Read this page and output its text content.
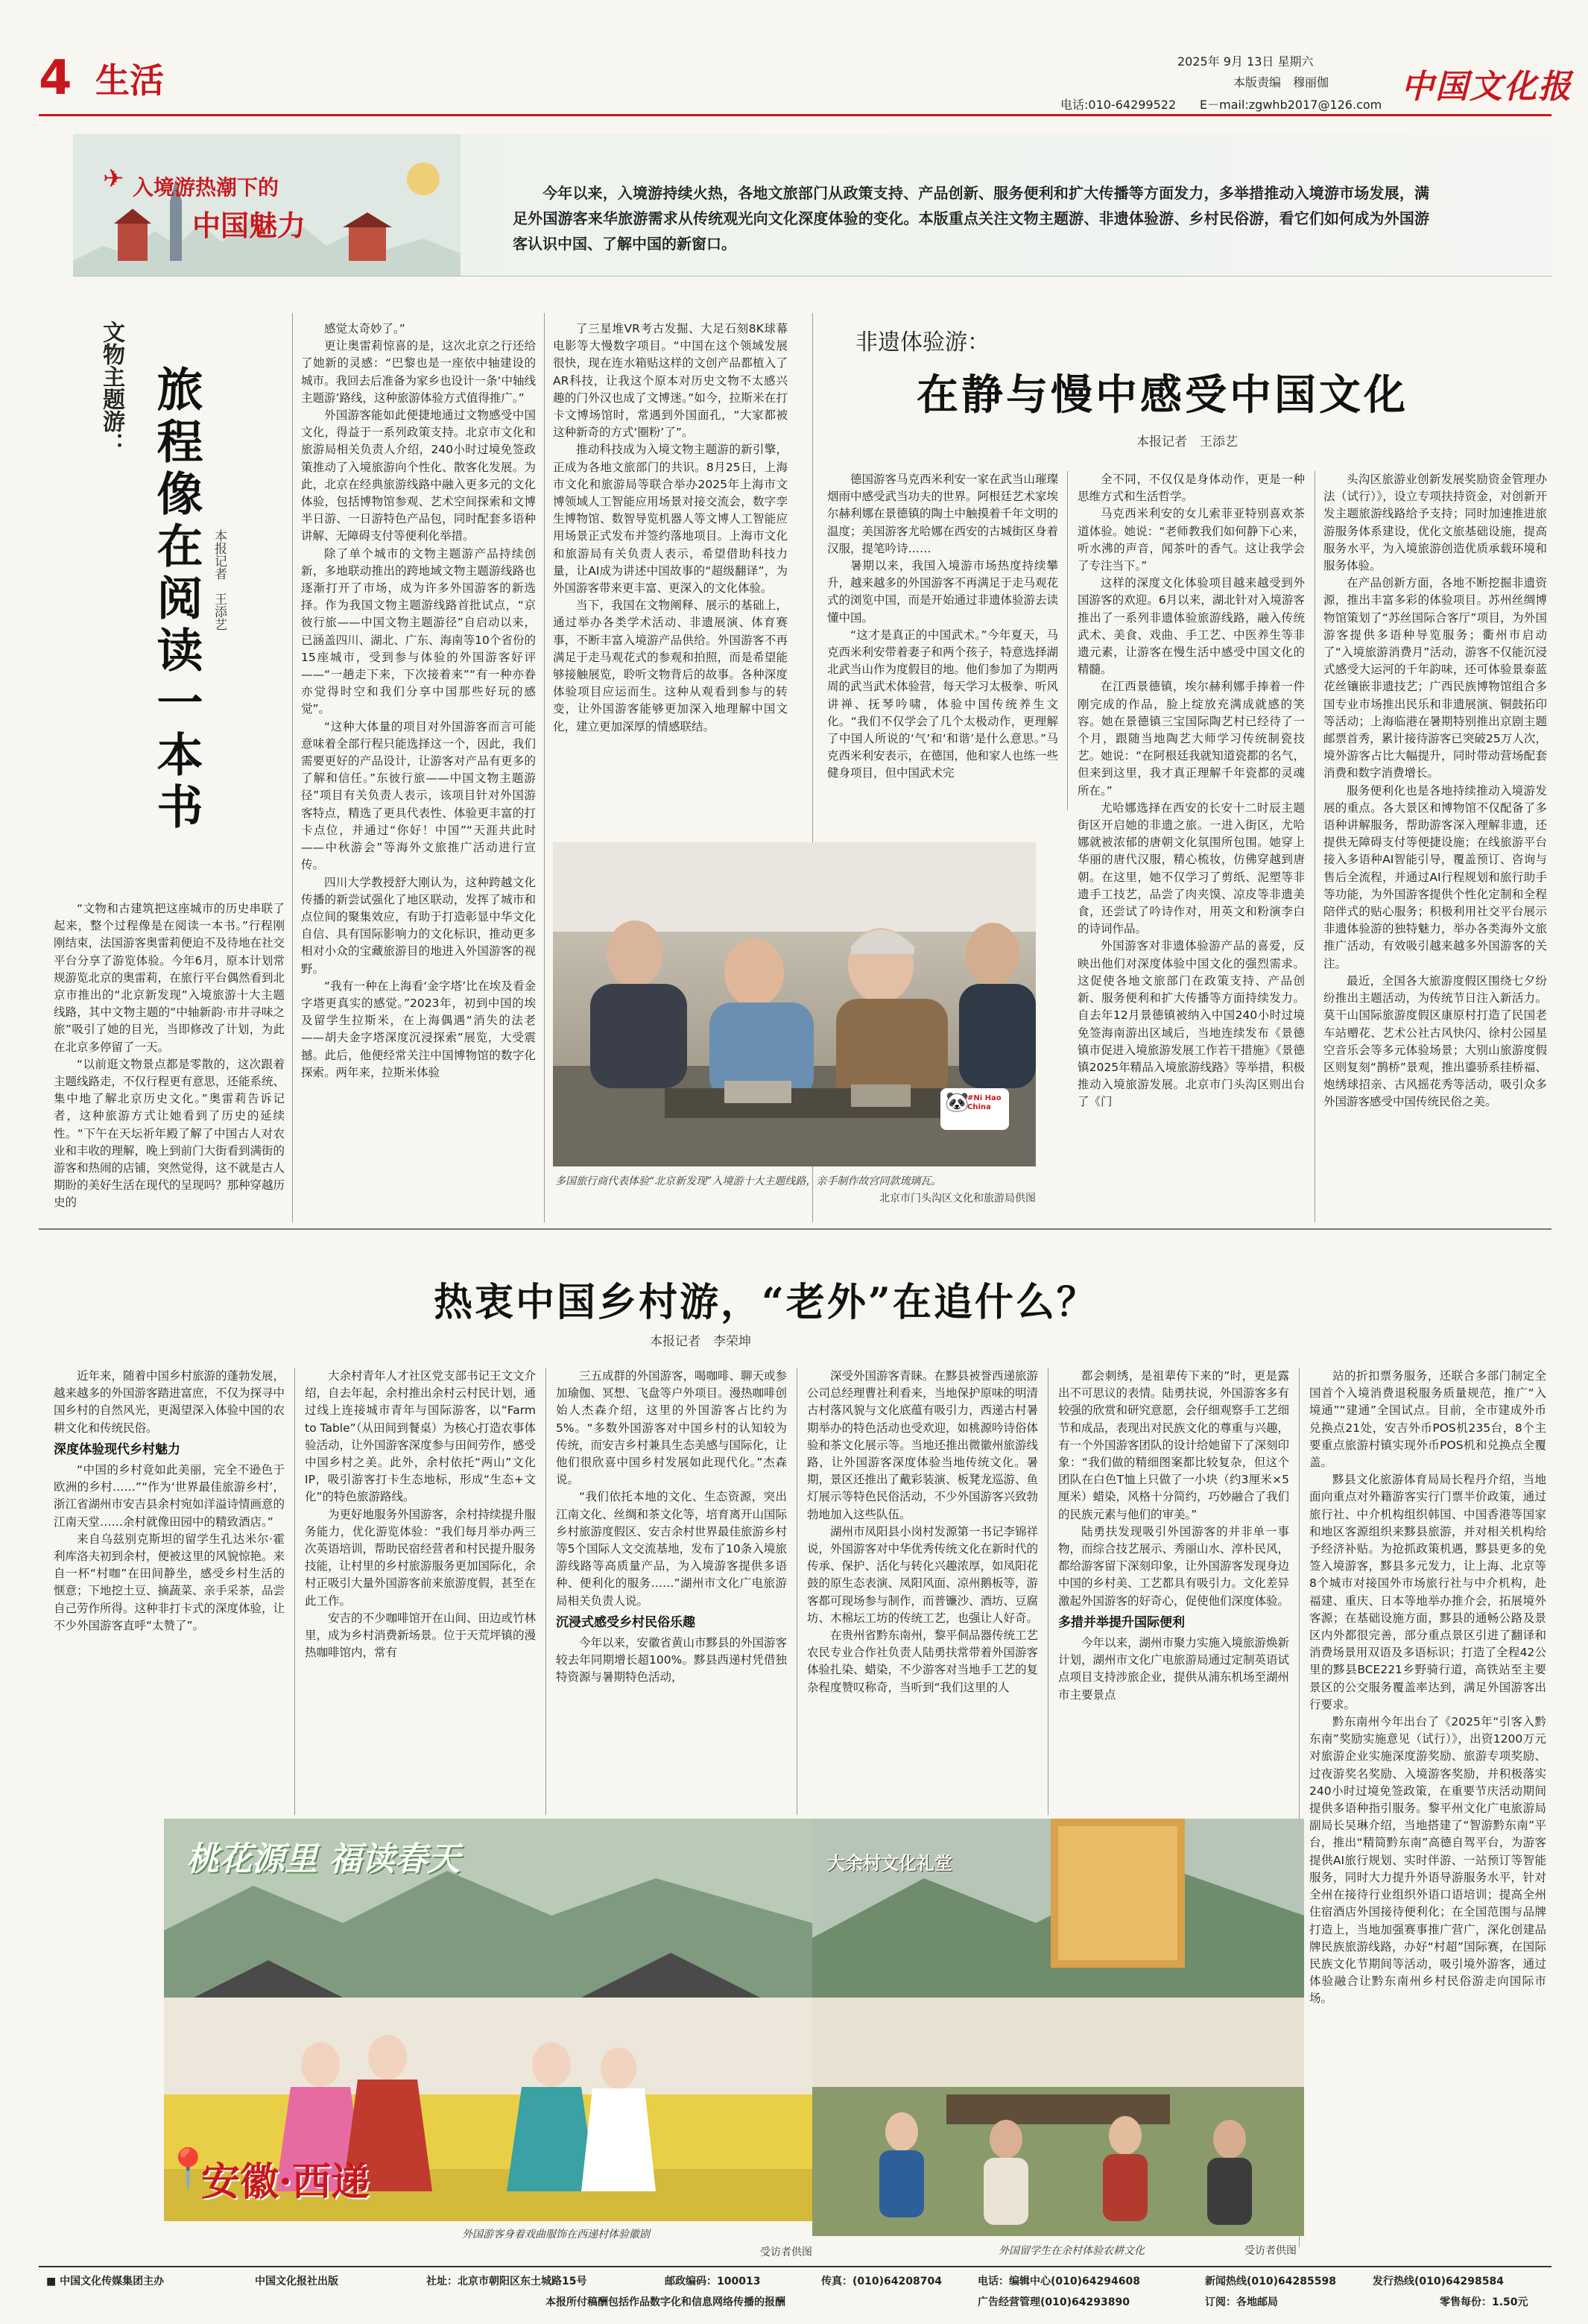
4 生活	2025年 9月 13日 星期六
本版责编　穆丽伽
电话:010-64299522 E－mail:zgwhb2017@126.com 中国文化报
✈ 入境游热潮下的
中国魅力
今年以来，入境游持续火热，各地文旅部门从政策支持、产品创新、服务便利和扩大传播等方面发力，多举措推动入境游市场发展，满足外国游客来华旅游需求从传统观光向文化深度体验的变化。本版重点关注文物主题游、非遗体验游、乡村民俗游，看它们如何成为外国游客认识中国、了解中国的新窗口。
文物主题游： 旅程像在阅读一本书 本报记者　王添艺

“文物和古建筑把这座城市的历史串联了起来，整个过程像是在阅读一本书。”行程刚刚结束，法国游客奥雷莉便迫不及待地在社交平台分享了游览体验。今年6月，原本计划常规游览北京的奥雷莉，在旅行平台偶然看到北京市推出的“北京新发现”入境旅游十大主题线路，其中文物主题的“中轴新韵·市井寻味之旅”吸引了她的目光，当即修改了计划，为此在北京多停留了一天。

“以前逛文物景点都是零散的，这次跟着主题线路走，不仅行程更有意思，还能系统、集中地了解北京历史文化。”奥雷莉告诉记者，这种旅游方式让她看到了历史的延续性。“下午在天坛祈年殿了解了中国古人对农业和丰收的理解，晚上到前门大街看到满街的游客和热闹的店铺，突然觉得，这不就是古人期盼的美好生活在现代的呈现吗？那种穿越历史的

感觉太奇妙了。”

更让奥雷莉惊喜的是，这次北京之行还给了她新的灵感：“巴黎也是一座依中轴建设的城市。我回去后准备为家乡也设计一条‘中轴线主题游’路线，这种旅游体验方式值得推广。”

外国游客能如此便捷地通过文物感受中国文化，得益于一系列政策支持。北京市文化和旅游局相关负责人介绍，240小时过境免签政策推动了入境旅游向个性化、散客化发展。为此，北京在经典旅游线路中融入更多元的文化体验，包括博物馆参观、艺术空间探索和文博半日游、一日游特色产品包，同时配套多语种讲解、无障碍支付等便利化举措。

除了单个城市的文物主题游产品持续创新，多地联动推出的跨地域文物主题游线路也逐渐打开了市场，成为许多外国游客的新选择。作为我国文物主题游线路首批试点，“京彼行旅——中国文物主题游径”自启动以来，已涵盖四川、湖北、广东、海南等10个省份的15座城市，受到参与体验的外国游客好评——“一趟走下来，下次接着来”“有一种亦眷亦觉得时空和我们分享中国那些好玩的感觉”。

“这种大体量的项目对外国游客而言可能意味着全部行程只能选择这一个，因此，我们需要更好的产品设计，让游客对产品有更多的了解和信任。”东彼行旅——中国文物主题游径”项目有关负责人表示，该项目针对外国游客特点，精选了更具代表性、体验更丰富的打卡点位，并通过“你好！中国”“天涯共此时——中秋游会”等海外文旅推广活动进行宣传。

四川大学教授舒大刚认为，这种跨越文化传播的新尝试强化了地区联动，发挥了城市和点位间的聚集效应，有助于打造彰显中华文化自信、具有国际影响力的文化标识，推动更多相对小众的宝藏旅游目的地进入外国游客的视野。

“我有一种在上海看‘金字塔’比在埃及看金字塔更真实的感觉。”2023年，初到中国的埃及留学生拉斯米，在上海偶遇“消失的法老——胡夫金字塔深度沉浸探索”展览，大受震撼。此后，他便经常关注中国博物馆的数字化探索。两年来，拉斯米体验

了三星堆VR考古发掘、大足石刻8K球幕电影等大慢数字项目。“中国在这个领域发展很快，现在连水箱贴这样的文创产品都植入了AR科技，让我这个原本对历史文物不太感兴趣的门外汉也成了文博迷。”如今，拉斯米在打卡文博场馆时，常遇到外国面孔，“大家都被这种新奇的方式‘圈粉’了”。

推动科技成为入境文物主题游的新引擎，正成为各地文旅部门的共识。8月25日，上海市文化和旅游局等联合举办2025年上海市文博领域人工智能应用场景对接交流会，数字孪生博物馆、数智导览机器人等文博人工智能应用场景正式发布并签约落地项目。上海市文化和旅游局有关负责人表示，希望借助科技力量，让AI成为讲述中国故事的“超级翻译”，为外国游客带来更丰富、更深入的文化体验。

当下，我国在文物阐释、展示的基础上，通过举办各类学术活动、非遗展演、体育赛事，不断丰富入境游产品供给。外国游客不再满足于走马观花式的参观和拍照，而是希望能够接触展览，聆听文物背后的故事。各种深度体验项目应运而生。这种从观看到参与的转变，让外国游客能够更加深入地理解中国文化，建立更加深厚的情感联结。

非遗体验游：
在静与慢中感受中国文化
本报记者　王添艺

德国游客马克西米利安一家在武当山璀璨烟雨中感受武当功夫的世界。阿根廷艺术家埃尔赫利娜在景德镇的陶土中触摸着千年文明的温度；美国游客尤哈娜在西安的古城街区身着汉服，提笔吟诗……

暑期以来，我国入境游市场热度持续攀升，越来越多的外国游客不再满足于走马观花式的浏览中国，而是开始通过非遗体验游去读懂中国。

“这才是真正的中国武术。”今年夏天，马克西米利安带着妻子和两个孩子，特意选择湖北武当山作为度假目的地。他们参加了为期两周的武当武术体验营，每天学习太极拳、听风讲禅、抚琴吟啸，体验中国传统养生文化。“我们不仅学会了几个太极动作，更理解了中国人所说的‘气’和‘和谐’是什么意思。”马克西米利安表示，在德国，他和家人也练一些健身项目，但中国武术完

全不同，不仅仅是身体动作，更是一种思维方式和生活哲学。

马克西米利安的女儿索菲亚特别喜欢茶道体验。她说：“老师教我们如何静下心来，听水沸的声音，闻茶叶的香气。这让我学会了专注当下。”

这样的深度文化体验项目越来越受到外国游客的欢迎。6月以来，湖北针对入境游客推出了一系列非遗体验旅游线路，融入传统武术、美食、戏曲、手工艺、中医养生等非遗元素，让游客在慢生活中感受中国文化的精髓。

在江西景德镇，埃尔赫利娜手捧着一件刚完成的作品，脸上绽放充满成就感的笑容。她在景德镇三宝国际陶艺村已经待了一个月，跟随当地陶艺大师学习传统制瓷技艺。她说：“在阿根廷我就知道瓷都的名气，但来到这里，我才真正理解千年瓷都的灵魂所在。”

尤哈娜选择在西安的长安十二时辰主题街区开启她的非遗之旅。一进入街区，尤哈娜就被浓郁的唐朝文化氛围所包围。她穿上华丽的唐代汉服，精心梳妆，仿佛穿越到唐朝。在这里，她不仅学习了剪纸、泥塑等非遗手工技艺，品尝了肉夹馍、凉皮等非遗美食，还尝试了吟诗作对，用英文和粉演李白的诗词作品。

外国游客对非遗体验游产品的喜爱，反映出他们对深度体验中国文化的强烈需求。这促使各地文旅部门在政策支持、产品创新、服务便利和扩大传播等方面持续发力。自去年12月景德镇被纳入中国240小时过境免签海南游出区域后，当地连续发布《景德镇市促进入境旅游发展工作若干措施》《景德镇2025年精品入境旅游线路》等举措，积极推动入境旅游发展。北京市门头沟区则出台了《门

头沟区旅游业创新发展奖励资金管理办法（试行）》，设立专项扶持资金，对创新开发主题旅游线路给予支持；同时加速推进旅游服务体系建设，优化文旅基础设施，提高服务水平，为入境旅游创造优质承载环境和服务体验。

在产品创新方面，各地不断挖掘非遗资源，推出丰富多彩的体验项目。苏州丝绸博物馆策划了“苏丝国际合客厅”项目，为外国游客提供多语种导览服务；衢州市启动了“入境旅游消费月”活动，游客不仅能沉浸式感受大运河的千年韵味，还可体验景泰蓝花丝镶嵌非遗技艺；广西民族博物馆组合多国专业市场推出民乐和非遗展演、铜鼓拓印等活动；上海临港在暑期特别推出京剧主题邮票首秀，累计接待游客已突破25万人次，境外游客占比大幅提升，同时带动营场配套消费和数字消费增长。

服务便利化也是各地持续推动入境游发展的重点。各大景区和博物馆不仅配备了多语种讲解服务，帮助游客深入理解非遗，还提供无障碍支付等便捷设施；在线旅游平台接入多语种AI智能引导，覆盖预订、咨询与售后全流程，并通过AI行程规划和旅行助手等功能，为外国游客提供个性化定制和全程陪伴式的贴心服务；积极利用社交平台展示非遗体验游的独特魅力，举办各类海外文旅推广活动，有效吸引越来越多外国游客的关注。

最近，全国各大旅游度假区围绕七夕纷纷推出主题活动，为传统节日注入新活力。莫干山国际旅游度假区康原村打造了民国老车站赠花、艺术公社古风快闪、徐村公园星空音乐会等多元体验场景；大别山旅游度假区则复刻“鹊桥”景观，推出鎏骄系挂桥福、炮绣球招亲、古风摇花秀等活动，吸引众多外国游客感受中国传统民俗之美。

🐼
#Ni Hao China
多国旅行商代表体验“北京新发现”入境游十大主题线路，亲手制作故宫同款琉璃瓦。
北京市门头沟区文化和旅游局供图
热衷中国乡村游，“老外”在追什么？
本报记者　李荣坤

近年来，随着中国乡村旅游的蓬勃发展，越来越多的外国游客踏进富庶，不仅为探寻中国乡村的自然风光，更渴望深入体验中国的农耕文化和传统民俗。

深度体验现代乡村魅力

“中国的乡村竟如此美丽，完全不逊色于欧洲的乡村……”“作为‘世界最佳旅游乡村’，浙江省湖州市安吉县余村宛如洋溢诗情画意的江南天堂……余村就像田园中的精致酒店。”

来自乌兹别克斯坦的留学生孔达米尔·霍利库洛夫初到余村，便被这里的风貌惊艳。来自一杯“村咖”在田间静坐，感受乡村生活的惬意；下地挖土豆、摘蔬菜、亲手采茶，品尝自己劳作所得。这种非打卡式的深度体验，让不少外国游客直呼“太赞了”。

大余村青年人才社区党支部书记王文文介绍，自去年起，余村推出余村云村民计划，通过线上连接城市青年与国际游客，以“Farm to Table”（从田间到餐桌）为核心打造农事体验活动，让外国游客深度参与田间劳作，感受中国乡村之美。此外，余村依托“两山”文化IP，吸引游客打卡生态地标，形成“生态+文化”的特色旅游路线。

为更好地服务外国游客，余村持续提升服务能力，优化游览体验：“我们每月举办两三次英语培训，帮助民宿经营者和村民提升服务技能，让村里的乡村旅游服务更加国际化，余村正吸引大量外国游客前来旅游度假，甚至在此工作。

安吉的不少咖啡馆开在山间、田边或竹林里，成为乡村消费新场景。位于天荒坪镇的漫热咖啡馆内，常有

三五成群的外国游客，喝咖啡、聊天或参加瑜伽、冥想、飞盘等户外项目。漫热咖啡创始人杰森介绍，这里的外国游客占比约为5%。“多数外国游客对中国乡村的认知较为传统，而安吉乡村兼具生态美感与国际化，让他们很欣喜中国乡村发展如此现代化。”杰森说。

“我们依托本地的文化、生态资源，突出江南文化、丝绸和茶文化等，培育离开山国际乡村旅游度假区、安吉余村世界最佳旅游乡村等5个国际人文交流基地，发布了10条入境旅游线路等高质量产品，为入境游客提供多语种、便利化的服务……”湖州市文化广电旅游局相关负责人说。

沉浸式感受乡村民俗乐趣

今年以来，安徽省黄山市黟县的外国游客较去年同期增长超100%。黟县西递村凭借独特资源与暑期特色活动，

深受外国游客青睐。在黟县被誉西递旅游公司总经理曹社利看来，当地保护原味的明清古村落风貌与文化底蕴有吸引力，西递古村暑期举办的特色活动也受欢迎，如桃源吟诗俗体验和茶文化展示等。当地还推出微徽州旅游线路，让外国游客深度体验当地传统文化。暑期，景区还推出了戴彩装演、板凳龙巡游、鱼灯展示等特色民俗活动，不少外国游客兴致勃勃地加入这些队伍。

湖州市凤阳县小岗村发源第一书记李锦祥说，外国游客对中华优秀传统文化在新时代的传承、保护、活化与转化兴趣浓厚，如凤阳花鼓的原生态表演、凤阳风面、凉州鹅板等，游客都可现场参与制作，而普镰沙、酒坊、豆腐坊、木棉坛工坊的传统工艺，也强让人好奇。

在贵州省黔东南州，黎平侗品器传统工艺农民专业合作社负责人陆勇扶常带着外国游客体验扎染、蜡染，不少游客对当地手工艺的复杂程度赞叹称奇，当听到“我们这里的人

都会刺绣，是祖辈传下来的”时，更是露出不可思议的表情。陆勇扶说，外国游客多有较强的欣赏和研究意愿，会仔细观察手工艺细节和成品，表现出对民族文化的尊重与兴趣，有一个外国游客团队的设计给她留下了深刻印象：“我们做的精细图案都比较复杂，但这个团队在白色T恤上只做了一小块（约3厘米×5厘米）蜡染，风格十分简约，巧妙融合了我们的民族元素与他们的审美。”

陆勇扶发现吸引外国游客的并非单一事物，而综合技艺展示、秀丽山水、淳朴民风，都给游客留下深刻印象，让外国游客发现身边中国的乡村美、工艺都具有吸引力。文化差异激起外国游客的好奇心，促使他们深度体验。

多措并举提升国际便利

今年以来，湖州市聚力实施入境旅游焕新计划，湖州市文化广电旅游局通过定制英语试点项目支持涉旅企业，提供从浦东机场至湖州市主要景点

站的折扣票务服务，还联合多部门制定全国首个入境消费退税服务质量规范，推广“入境通”“建通”全国试点。目前，全市建成外币兑换点21处，安吉外币POS机235台，8个主要重点旅游村镇实现外币POS机和兑换点全覆盖。

黟县文化旅游体育局局长程丹介绍，当地面向重点对外籍游客实行门票半价政策，通过旅行社、中介机构组织韩国、中国香港等国家和地区客源组织来黟县旅游，并对相关机构给予经济补贴。为抢抓政策机遇，黟县更多的免签入境游客，黟县多元发力，让上海、北京等8个城市对接国外市场旅行社与中介机构，赴福建、重庆、日本等地举办推介会，拓展境外客源；在基础设施方面，黟县的通畅公路及景区内外都很完善，部分重点景区引进了翻译和消费场景用双语及多语标识；打造了全程42公里的黟县BCE221乡野骑行道，高铁站至主要景区的公交服务覆盖率达到，满足外国游客出行要求。

黔东南州今年出台了《2025年“引客入黔东南”奖励实施意见（试行）》，出资1200万元对旅游企业实施深度游奖励、旅游专项奖励、过夜游奖名奖励、入境游客奖励，并积极落实240小时过境免签政策，在重要节庆活动期间提供多语种指引服务。黎平州文化广电旅游局副局长吴琳介绍，当地搭建了“智游黔东南”平台，推出“精简黔东南”高德自驾平台，为游客提供AI旅行规划、实时伴游、一站预订等智能服务，同时大力提升外语导游服务水平，针对全州在接待行业组织外语口语培训；提高全州住宿酒店外国接待便利化；在全国范围与品牌打造上，当地加强赛事推广营广，深化创建品牌民族旅游线路，办好“村超”国际赛，在国际民族文化节期间等活动，吸引境外游客，通过体验融合让黔东南州乡村民俗游走向国际市场。

桃花源里 福读春天
📍
安徽·西递
外国游客身着戏曲服饰在西递村体验徽剧
受访者供图
大余村文化礼堂
外国留学生在余村体验农耕文化	受访者供图
■ 中国文化传媒集团主办	中国文化报社出版	社址：北京市朝阳区东土城路15号	邮政编码：100013	传真：(010)64208704	电话：编辑中心(010)64294608	新闻热线(010)64285598	发行热线(010)64298584
本报所付稿酬包括作品数字化和信息网络传播的报酬	广告经营管理(010)64293890	订阅：各地邮局	零售每份：1.50元
